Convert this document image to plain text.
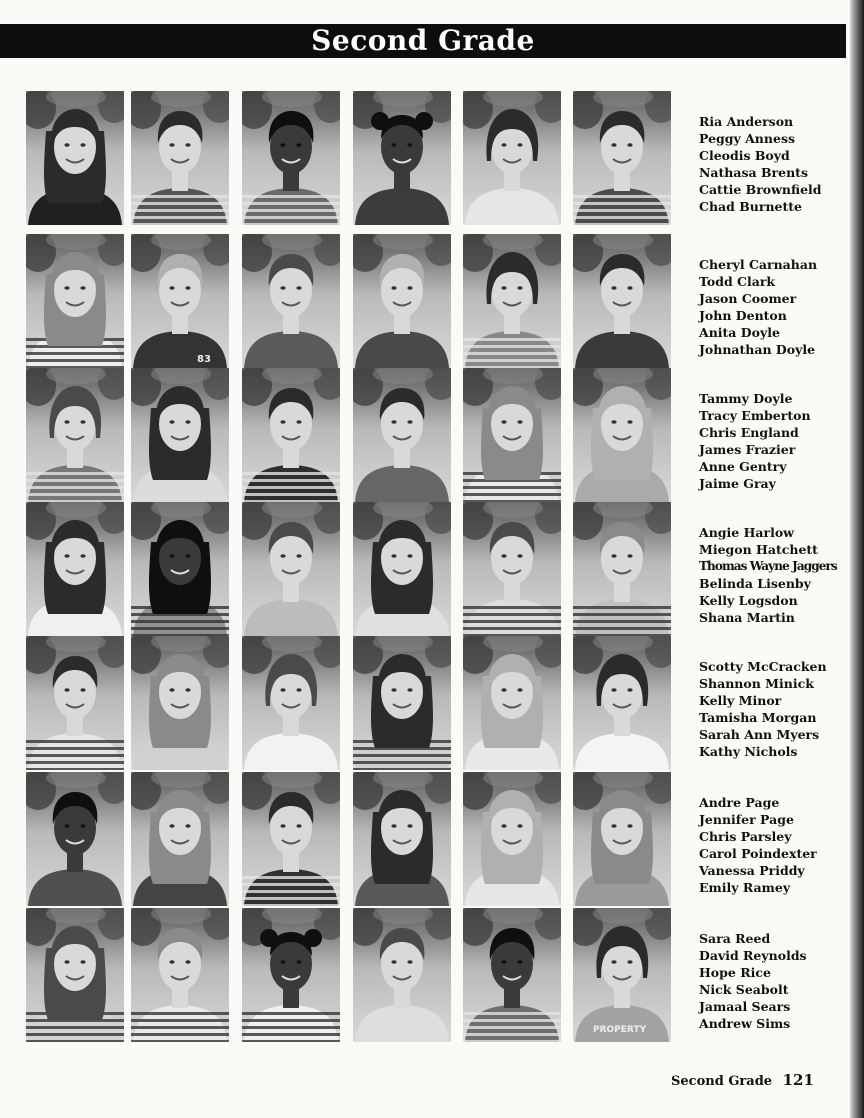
Second Grade
Ria Anderson
Peggy Anness
Cleodis Boyd
Nathasa Brents
Cattie Brownfield
Chad Burnette
83
Cheryl Carnahan
Todd Clark
Jason Coomer
John Denton
Anita Doyle
Johnathan Doyle
Tammy Doyle
Tracy Emberton
Chris England
James Frazier
Anne Gentry
Jaime Gray
Angie Harlow
Miegon Hatchett
Thomas Wayne Jaggers
Belinda Lisenby
Kelly Logsdon
Shana Martin
Scotty McCracken
Shannon Minick
Kelly Minor
Tamisha Morgan
Sarah Ann Myers
Kathy Nichols
Andre Page
Jennifer Page
Chris Parsley
Carol Poindexter
Vanessa Priddy
Emily Ramey
PROPERTY
Sara Reed
David Reynolds
Hope Rice
Nick Seabolt
Jamaal Sears
Andrew Sims
Second Grade 121
